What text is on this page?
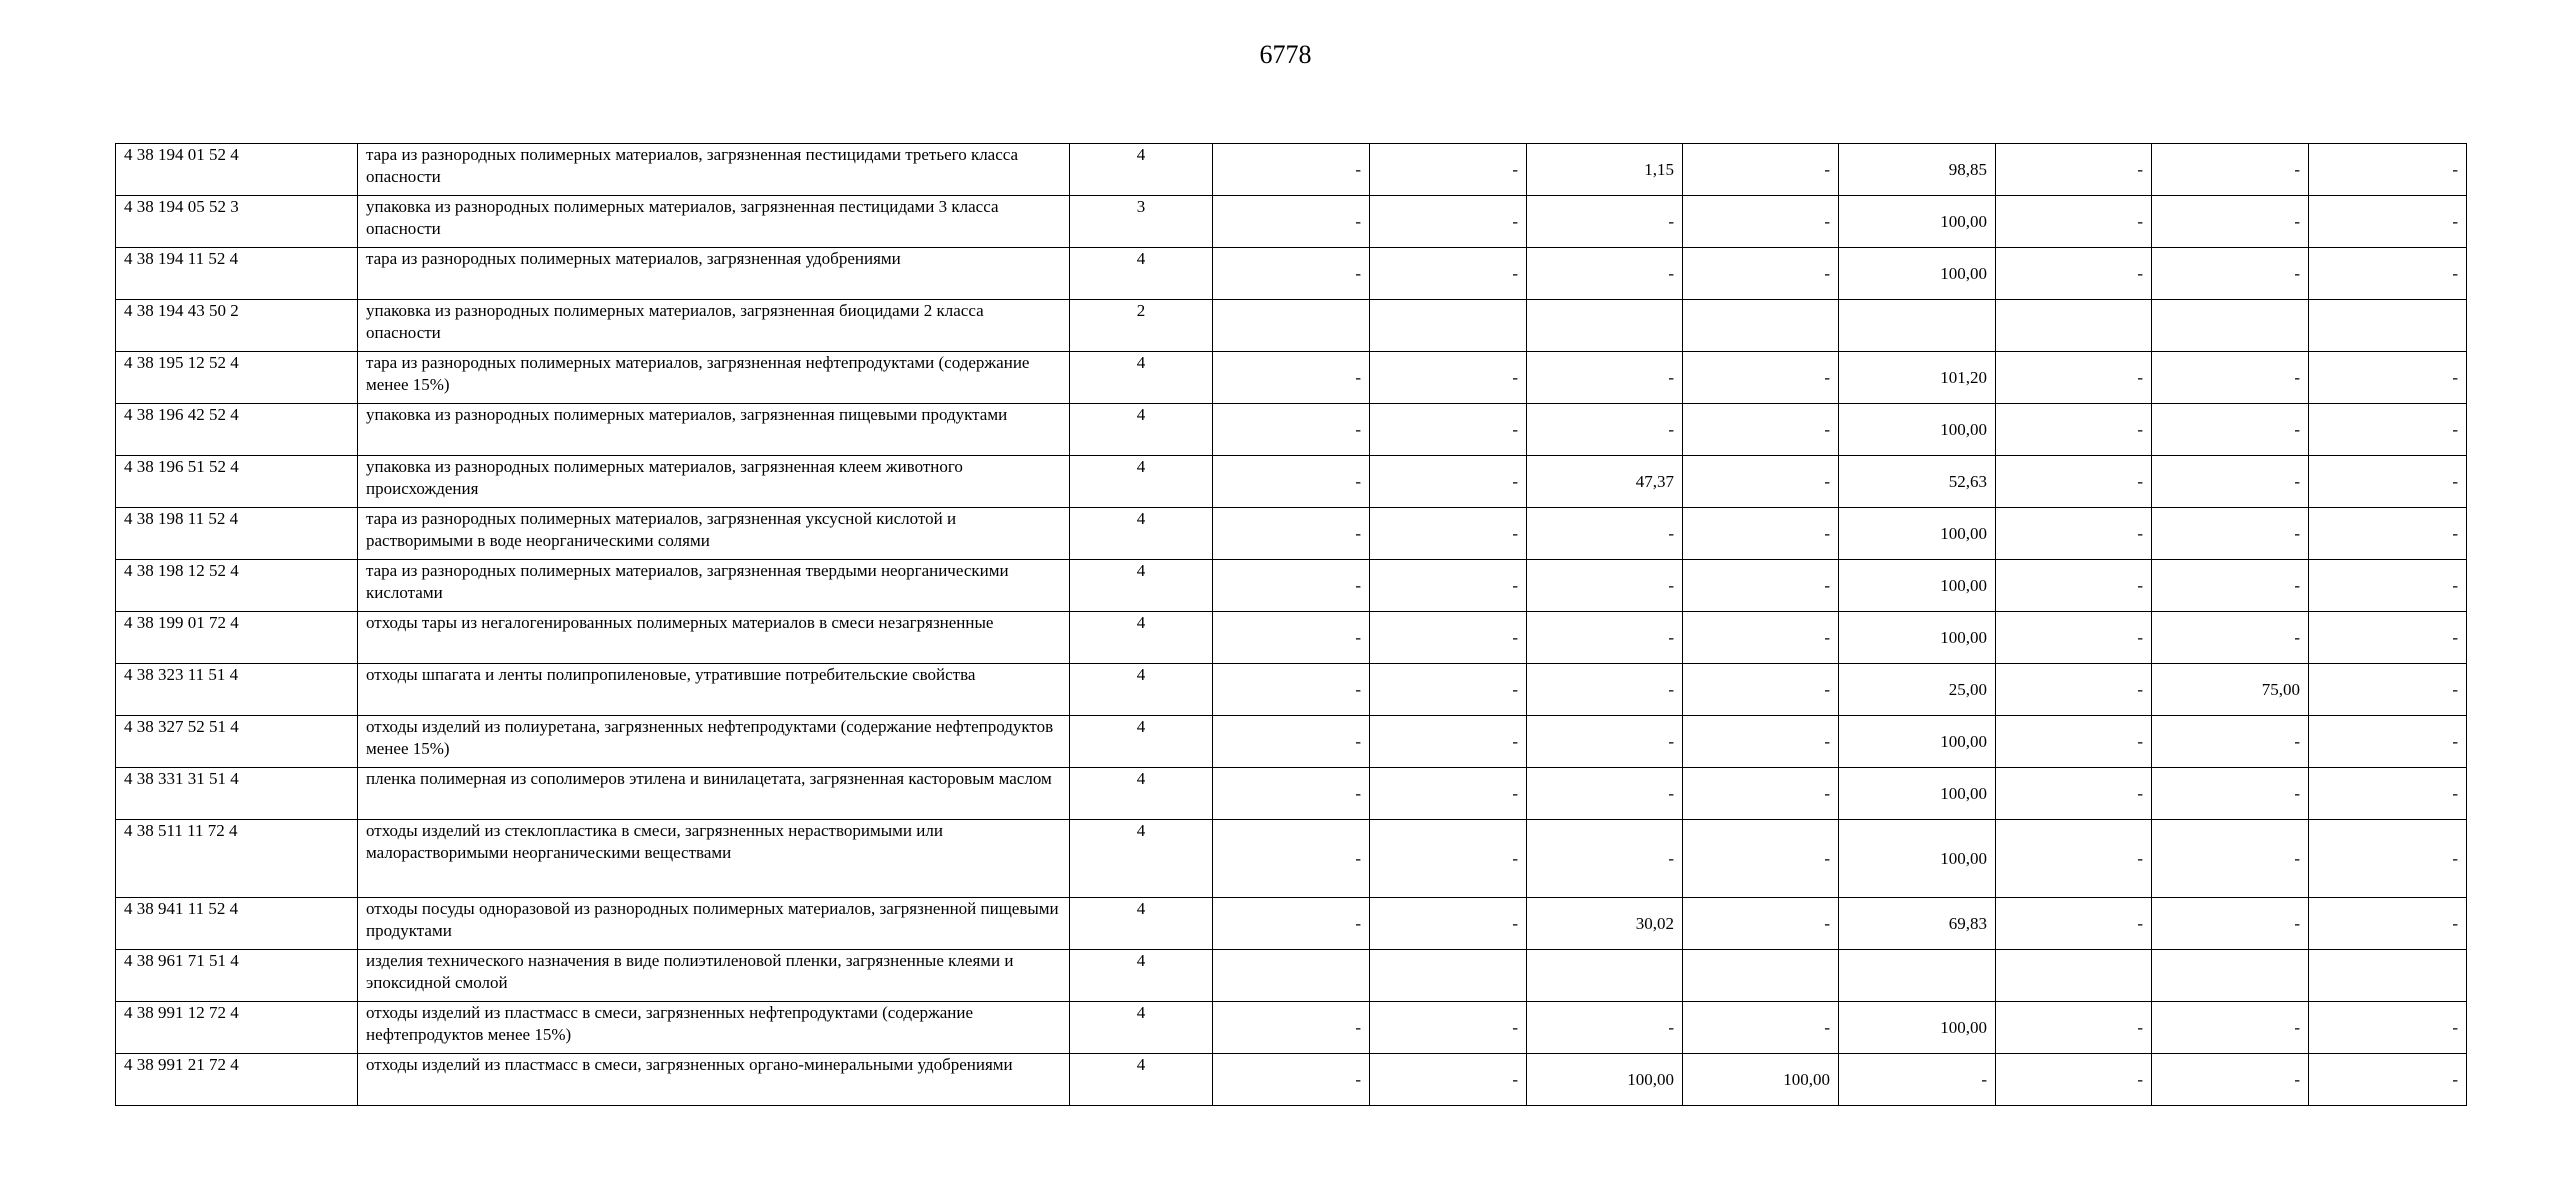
6778
4 38 194 01 52 4	тара из разнородных полимерных материалов, загрязненная пестицидами третьего класса опасности	4	-	-	1,15	-	98,85	-	-	-
4 38 194 05 52 3	упаковка из разнородных полимерных материалов, загрязненная пестицидами 3 класса опасности	3	-	-	-	-	100,00	-	-	-
4 38 194 11 52 4	тара из разнородных полимерных материалов, загрязненная удобрениями	4	-	-	-	-	100,00	-	-	-
4 38 194 43 50 2	упаковка из разнородных полимерных материалов, загрязненная биоцидами 2 класса опасности	2								
4 38 195 12 52 4	тара из разнородных полимерных материалов, загрязненная нефтепродуктами (содержание менее 15%)	4	-	-	-	-	101,20	-	-	-
4 38 196 42 52 4	упаковка из разнородных полимерных материалов, загрязненная пищевыми продуктами	4	-	-	-	-	100,00	-	-	-
4 38 196 51 52 4	упаковка из разнородных полимерных материалов, загрязненная клеем животного происхождения	4	-	-	47,37	-	52,63	-	-	-
4 38 198 11 52 4	тара из разнородных полимерных материалов, загрязненная уксусной кислотой и растворимыми в воде неорганическими солями	4	-	-	-	-	100,00	-	-	-
4 38 198 12 52 4	тара из разнородных полимерных материалов, загрязненная твердыми неорганическими кислотами	4	-	-	-	-	100,00	-	-	-
4 38 199 01 72 4	отходы тары из негалогенированных полимерных материалов в смеси незагрязненные	4	-	-	-	-	100,00	-	-	-
4 38 323 11 51 4	отходы шпагата и ленты полипропиленовые, утратившие потребительские свойства	4	-	-	-	-	25,00	-	75,00	-
4 38 327 52 51 4	отходы изделий из полиуретана, загрязненных нефтепродуктами (содержание нефтепродуктов менее 15%)	4	-	-	-	-	100,00	-	-	-
4 38 331 31 51 4	пленка полимерная из сополимеров этилена и винилацетата, загрязненная касторовым маслом	4	-	-	-	-	100,00	-	-	-
4 38 511 11 72 4	отходы изделий из стеклопластика в смеси, загрязненных нерастворимыми или малорастворимыми неорганическими веществами	4	-	-	-	-	100,00	-	-	-
4 38 941 11 52 4	отходы посуды одноразовой из разнородных полимерных материалов, загрязненной пищевыми продуктами	4	-	-	30,02	-	69,83	-	-	-
4 38 961 71 51 4	изделия технического назначения в виде полиэтиленовой пленки, загрязненные клеями и эпоксидной смолой	4								
4 38 991 12 72 4	отходы изделий из пластмасс в смеси, загрязненных нефтепродуктами (содержание нефтепродуктов менее 15%)	4	-	-	-	-	100,00	-	-	-
4 38 991 21 72 4	отходы изделий из пластмасс в смеси, загрязненных органо-минеральными удобрениями	4	-	-	100,00	100,00	-	-	-	-
